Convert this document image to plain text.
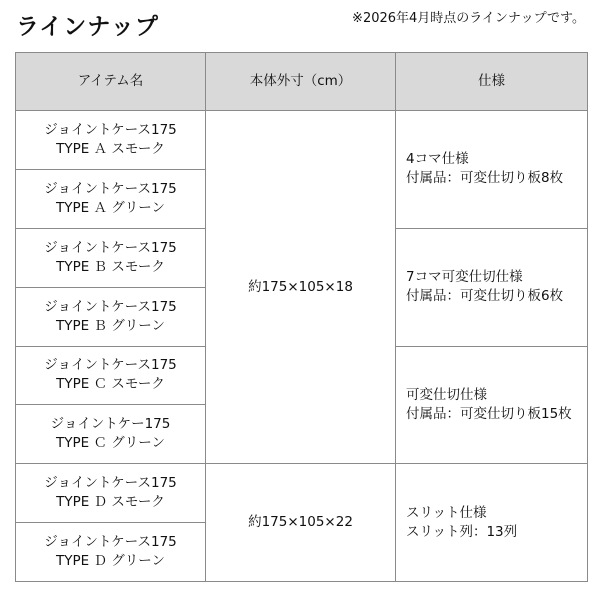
ラインナップ	※2026年4月時点のラインナップです。
アイテム名	本体外寸（cm）	仕様

ジョイントケース175
TYPE Ａ スモーク	約175×105×18	4コマ仕様
付属品：可変仕切り板8枚

ジョイントケース175
TYPE Ａ グリーン		

ジョイントケース175
TYPE Ｂ スモーク		7コマ可変仕切仕様
付属品：可変仕切り板6枚

ジョイントケース175
TYPE Ｂ グリーン		

ジョイントケース175
TYPE Ｃ スモーク		可変仕切仕様
付属品：可変仕切り板15枚

ジョイントケー175
TYPE Ｃ グリーン		

ジョイントケース175
TYPE Ｄ スモーク	約175×105×22	スリット仕様
スリット列：13列

ジョイントケース175
TYPE Ｄ グリーン		
